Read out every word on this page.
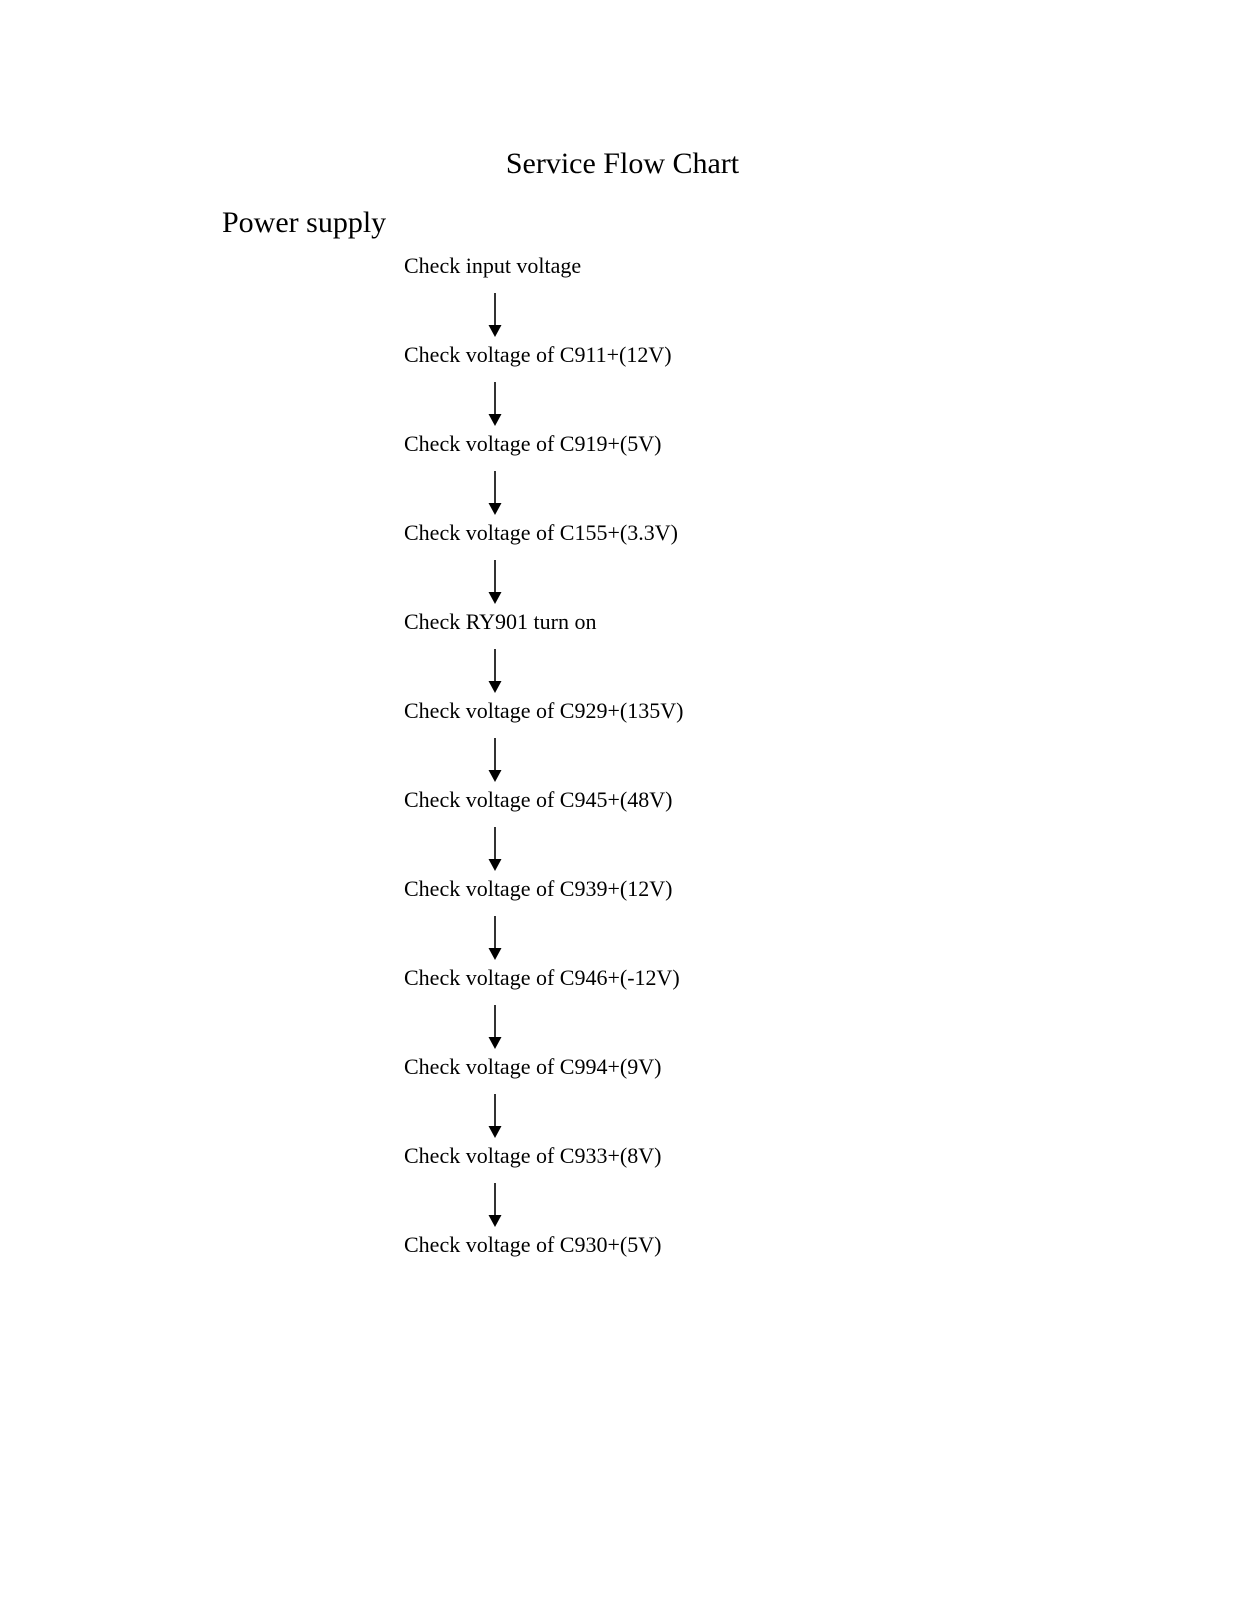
Service Flow Chart
Power supply
Check input voltage
Check voltage of C911+(12V)
Check voltage of C919+(5V)
Check voltage of C155+(3.3V)
Check RY901 turn on
Check voltage of C929+(135V)
Check voltage of C945+(48V)
Check voltage of C939+(12V)
Check voltage of C946+(-12V)
Check voltage of C994+(9V)
Check voltage of C933+(8V)
Check voltage of C930+(5V)
